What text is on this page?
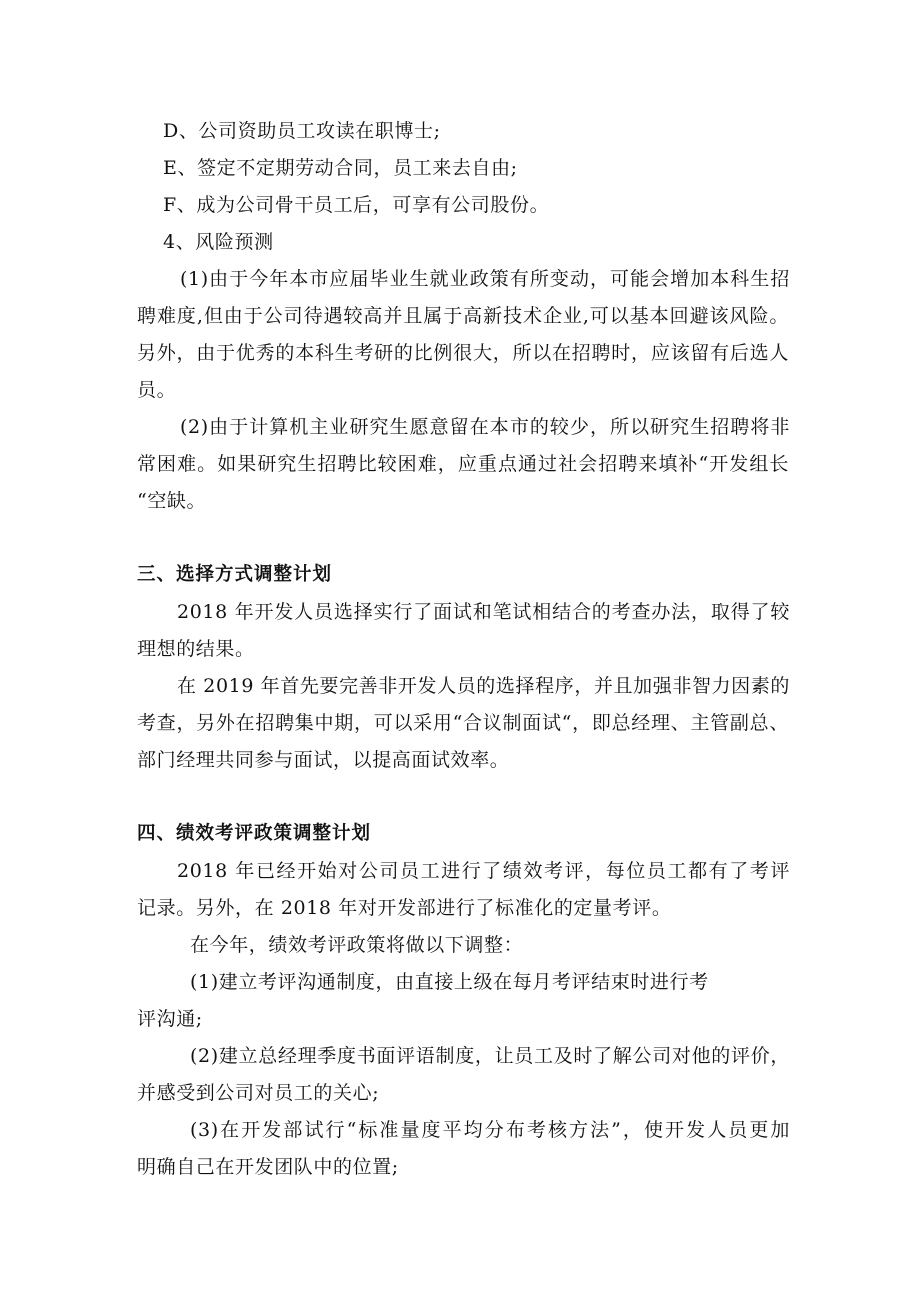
D、公司资助员工攻读在职博士;
E、签定不定期劳动合同，员工来去自由;
F、成为公司骨干员工后，可享有公司股份。
4、风险预测
(1)由于今年本市应届毕业生就业政策有所变动，可能会增加本科生招
聘难度,但由于公司待遇较高并且属于高新技术企业,可以基本回避该风险。
另外，由于优秀的本科生考研的比例很大，所以在招聘时，应该留有后选人
员。
(2)由于计算机主业研究生愿意留在本市的较少，所以研究生招聘将非
常困难。如果研究生招聘比较困难，应重点通过社会招聘来填补“开发组长
“空缺。
三、选择方式调整计划
2018 年开发人员选择实行了面试和笔试相结合的考查办法，取得了较
理想的结果。
在 2019 年首先要完善非开发人员的选择程序，并且加强非智力因素的
考查，另外在招聘集中期，可以采用“合议制面试“，即总经理、主管副总、
部门经理共同参与面试，以提高面试效率。
四、绩效考评政策调整计划
2018 年已经开始对公司员工进行了绩效考评，每位员工都有了考评
记录。另外，在 2018 年对开发部进行了标准化的定量考评。
在今年，绩效考评政策将做以下调整：
(1)建立考评沟通制度，由直接上级在每月考评结束时进行考
评沟通;
(2)建立总经理季度书面评语制度，让员工及时了解公司对他的评价，
并感受到公司对员工的关心;
(3)在开发部试行“标准量度平均分布考核方法”，使开发人员更加
明确自己在开发团队中的位置;
